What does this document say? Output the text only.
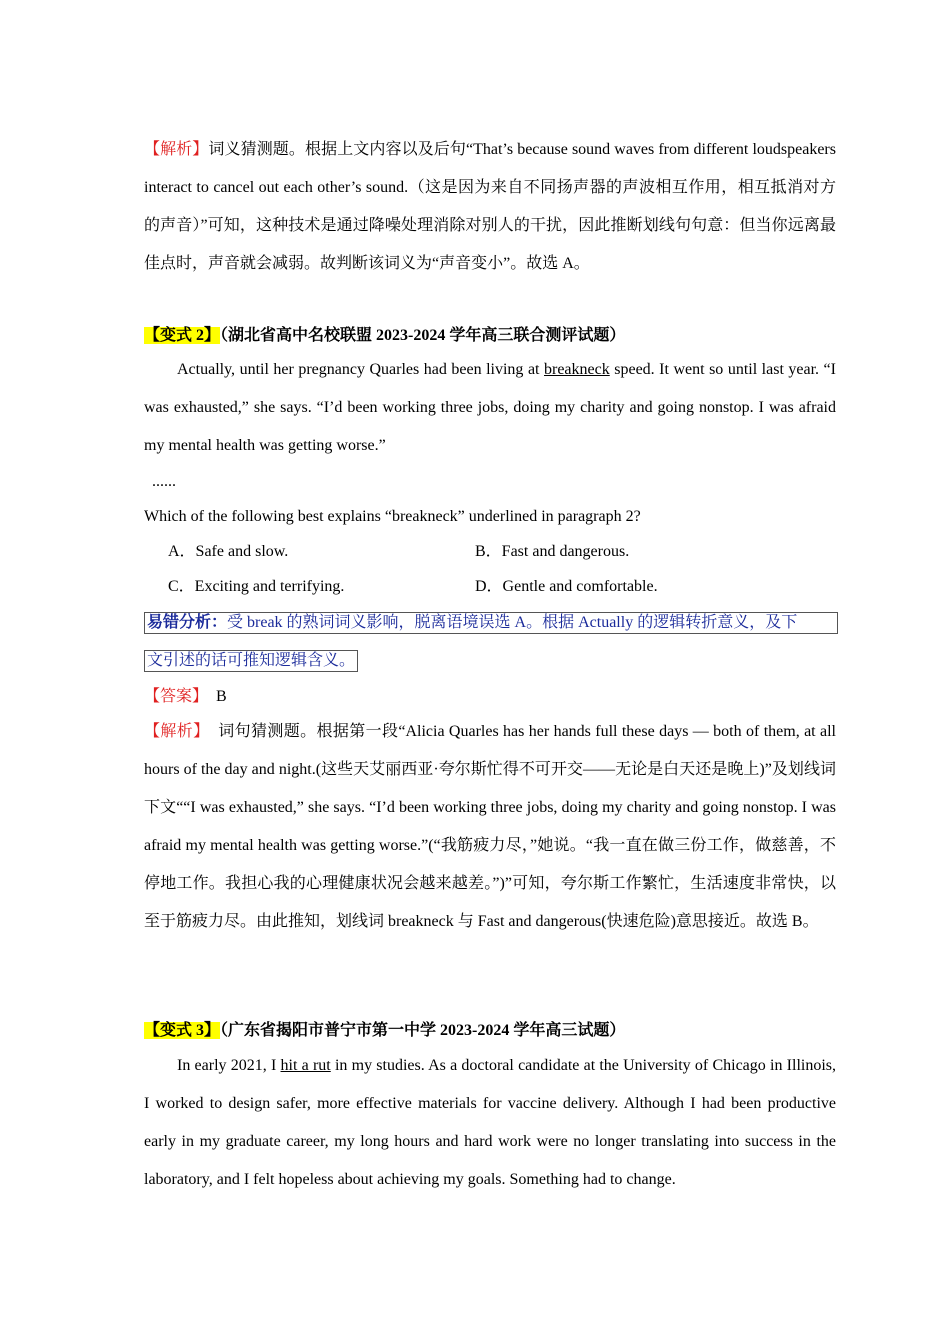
【解析】词义猜测题。根据上文内容以及后句“That’s because sound waves from different loudspeakers interact to cancel out each other’s sound.（这是因为来自不同扬声器的声波相互作用，相互抵消对方的声音）”可知，这种技术是通过降噪处理消除对别人的干扰，因此推断划线句句意：但当你远离最佳点时，声音就会减弱。故判断该词义为“声音变小”。故选 A。

【变式 2】（湖北省高中名校联盟 2023-2024 学年高三联合测评试题）

Actually, until her pregnancy Quarles had been living at breakneck speed. It went so until last year. “I was exhausted,” she says. “I’d been working three jobs, doing my charity and going nonstop. I was afraid my mental health was getting worse.”

......

Which of the following best explains “breakneck” underlined in paragraph 2?

A．Safe and slow.	B．Fast and dangerous.

C．Exciting and terrifying.	D．Gentle and comfortable.

易错分析：受 break 的熟词词义影响，脱离语境误选 A。根据 Actually 的逻辑转折意义，及下
文引述的话可推知逻辑含义。

【答案】 B

【解析】 词句猜测题。根据第一段“Alicia Quarles has her hands full these days — both of them, at all hours of the day and night.(这些天艾丽西亚·夸尔斯忙得不可开交——无论是白天还是晚上)”及划线词下文““I was exhausted,” she says. “I’d been working three jobs, doing my charity and going nonstop. I was afraid my mental health was getting worse.”(“我筋疲力尽，”她说。“我一直在做三份工作，做慈善，不停地工作。我担心我的心理健康状况会越来越差。”)”可知，夸尔斯工作繁忙，生活速度非常快，以至于筋疲力尽。由此推知，划线词 breakneck 与 Fast and dangerous(快速危险)意思接近。故选 B。

【变式 3】（广东省揭阳市普宁市第一中学 2023-2024 学年高三试题）

In early 2021, I hit a rut in my studies. As a doctoral candidate at the University of Chicago in Illinois, I worked to design safer, more effective materials for vaccine delivery. Although I had been productive early in my graduate career, my long hours and hard work were no longer translating into success in the laboratory, and I felt hopeless about achieving my goals. Something had to change.
